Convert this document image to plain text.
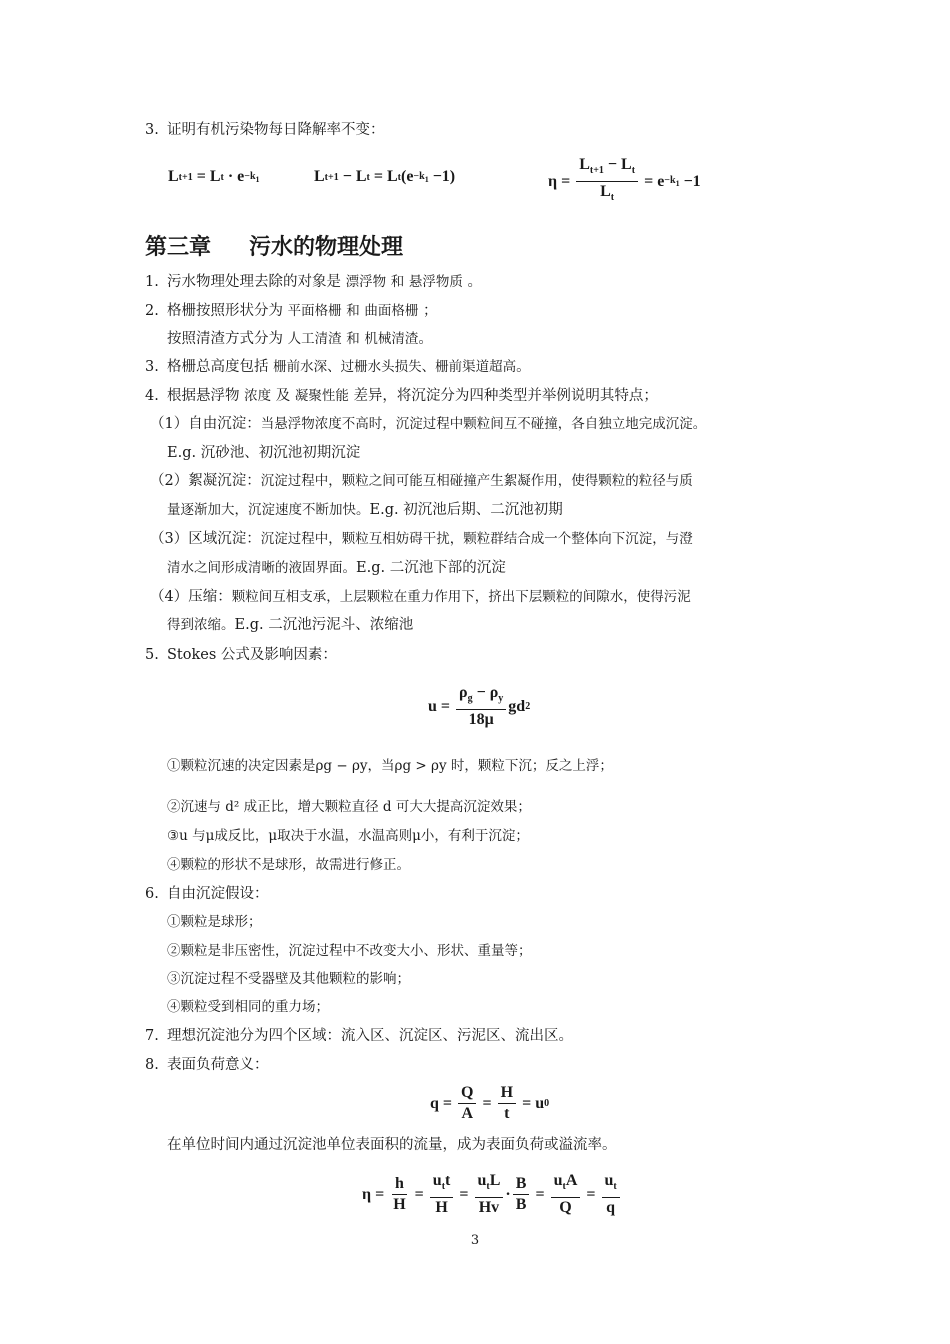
3. 证明有机污染物每日降解率不变：
L t+1 = L $t \cdot e -k_1$	L t+1 − L t = L t $(e -k_1 -1)$	$\eta = \frac{L_{t+1} - L_t}{L_t} = e -k_1 -1$
第三章 污水的物理处理
1. 污水物理处理去除的对象是 漂浮物 和 悬浮物质 。
2. 格栅按照形状分为 平面格栅 和 曲面格栅 ；
按照清渣方式分为 人工清渣 和 机械清渣。
3. 格栅总高度包括 栅前水深、过栅水头损失、栅前渠道超高。
4. 根据悬浮物 浓度 及 凝聚性能 差异，将沉淀分为四种类型并举例说明其特点；
（1）自由沉淀：当悬浮物浓度不高时，沉淀过程中颗粒间互不碰撞，各自独立地完成沉淀。
E.g. 沉砂池、初沉池初期沉淀
（2）絮凝沉淀：沉淀过程中，颗粒之间可能互相碰撞产生絮凝作用，使得颗粒的粒径与质
量逐渐加大，沉淀速度不断加快。E.g. 初沉池后期、二沉池初期
（3）区域沉淀：沉淀过程中，颗粒互相妨碍干扰，颗粒群结合成一个整体向下沉淀，与澄
清水之间形成清晰的液固界面。E.g. 二沉池下部的沉淀
（4）压缩：颗粒间互相支承，上层颗粒在重力作用下，挤出下层颗粒的间隙水，使得污泥
得到浓缩。E.g. 二沉池污泥斗、浓缩池
5. Stokes 公式及影响因素：
$u = \frac{\rho_g - \rho_y}{18\mu}$ gd 2
①颗粒沉速的决定因素是ρg − ρy，当ρg > ρy 时，颗粒下沉；反之上浮；
②沉速与 d² 成正比，增大颗粒直径 d 可大大提高沉淀效果；
③u 与μ成反比，μ取决于水温，水温高则μ小，有利于沉淀；
④颗粒的形状不是球形，故需进行修正。
6. 自由沉淀假设：
①颗粒是球形；
②颗粒是非压密性，沉淀过程中不改变大小、形状、重量等；
③沉淀过程不受器壁及其他颗粒的影响；
④颗粒受到相同的重力场；
7. 理想沉淀池分为四个区域：流入区、沉淀区、污泥区、流出区。
8. 表面负荷意义：
$q = \frac{Q}{A} = \frac{H}{t} = u$ 0
在单位时间内通过沉淀池单位表面积的流量，成为表面负荷或溢流率。
$\eta = \frac{h}{H} = \frac{u_tt}{H} = \frac{u_tL}{Hv} \cdot \frac{B}{B} = \frac{u_tA}{Q} = \frac{u_t}{q}$
3
